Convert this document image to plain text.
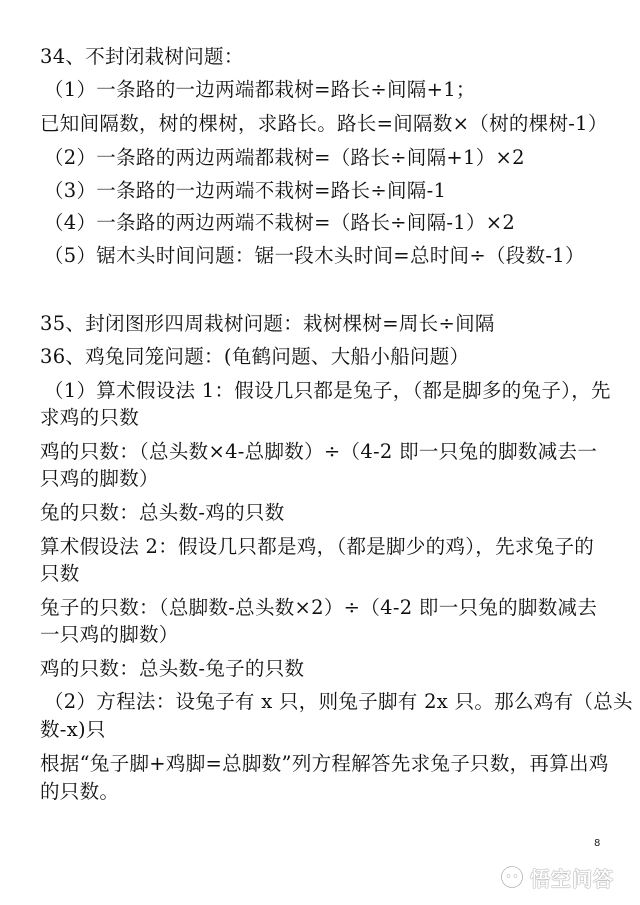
34、不封闭栽树问题：
（1）一条路的一边两端都栽树=路长÷间隔+1；
已知间隔数，树的棵树，求路长。路长=间隔数×（树的棵树-1）
（2）一条路的两边两端都栽树=（路长÷间隔+1）×2
（3）一条路的一边两端不栽树=路长÷间隔-1
（4）一条路的两边两端不栽树=（路长÷间隔-1）×2
（5）锯木头时间问题：锯一段木头时间=总时间÷（段数-1）
35、封闭图形四周栽树问题：栽树棵树=周长÷间隔
36、鸡兔同笼问题：(龟鹤问题、大船小船问题）
（1）算术假设法 1：假设几只都是兔子，（都是脚多的兔子），先
求鸡的只数
鸡的只数：（总头数×4-总脚数）÷（4-2 即一只兔的脚数减去一
只鸡的脚数）
兔的只数：总头数-鸡的只数
算术假设法 2：假设几只都是鸡，（都是脚少的鸡），先求兔子的
只数
兔子的只数：（总脚数-总头数×2）÷（4-2 即一只兔的脚数减去
一只鸡的脚数）
鸡的只数：总头数-兔子的只数
（2）方程法：设兔子有 x 只，则兔子脚有 2x 只。那么鸡有（总头
数-x)只
根据“兔子脚+鸡脚=总脚数”列方程解答先求兔子只数，再算出鸡
的只数。
8
悟空问答
